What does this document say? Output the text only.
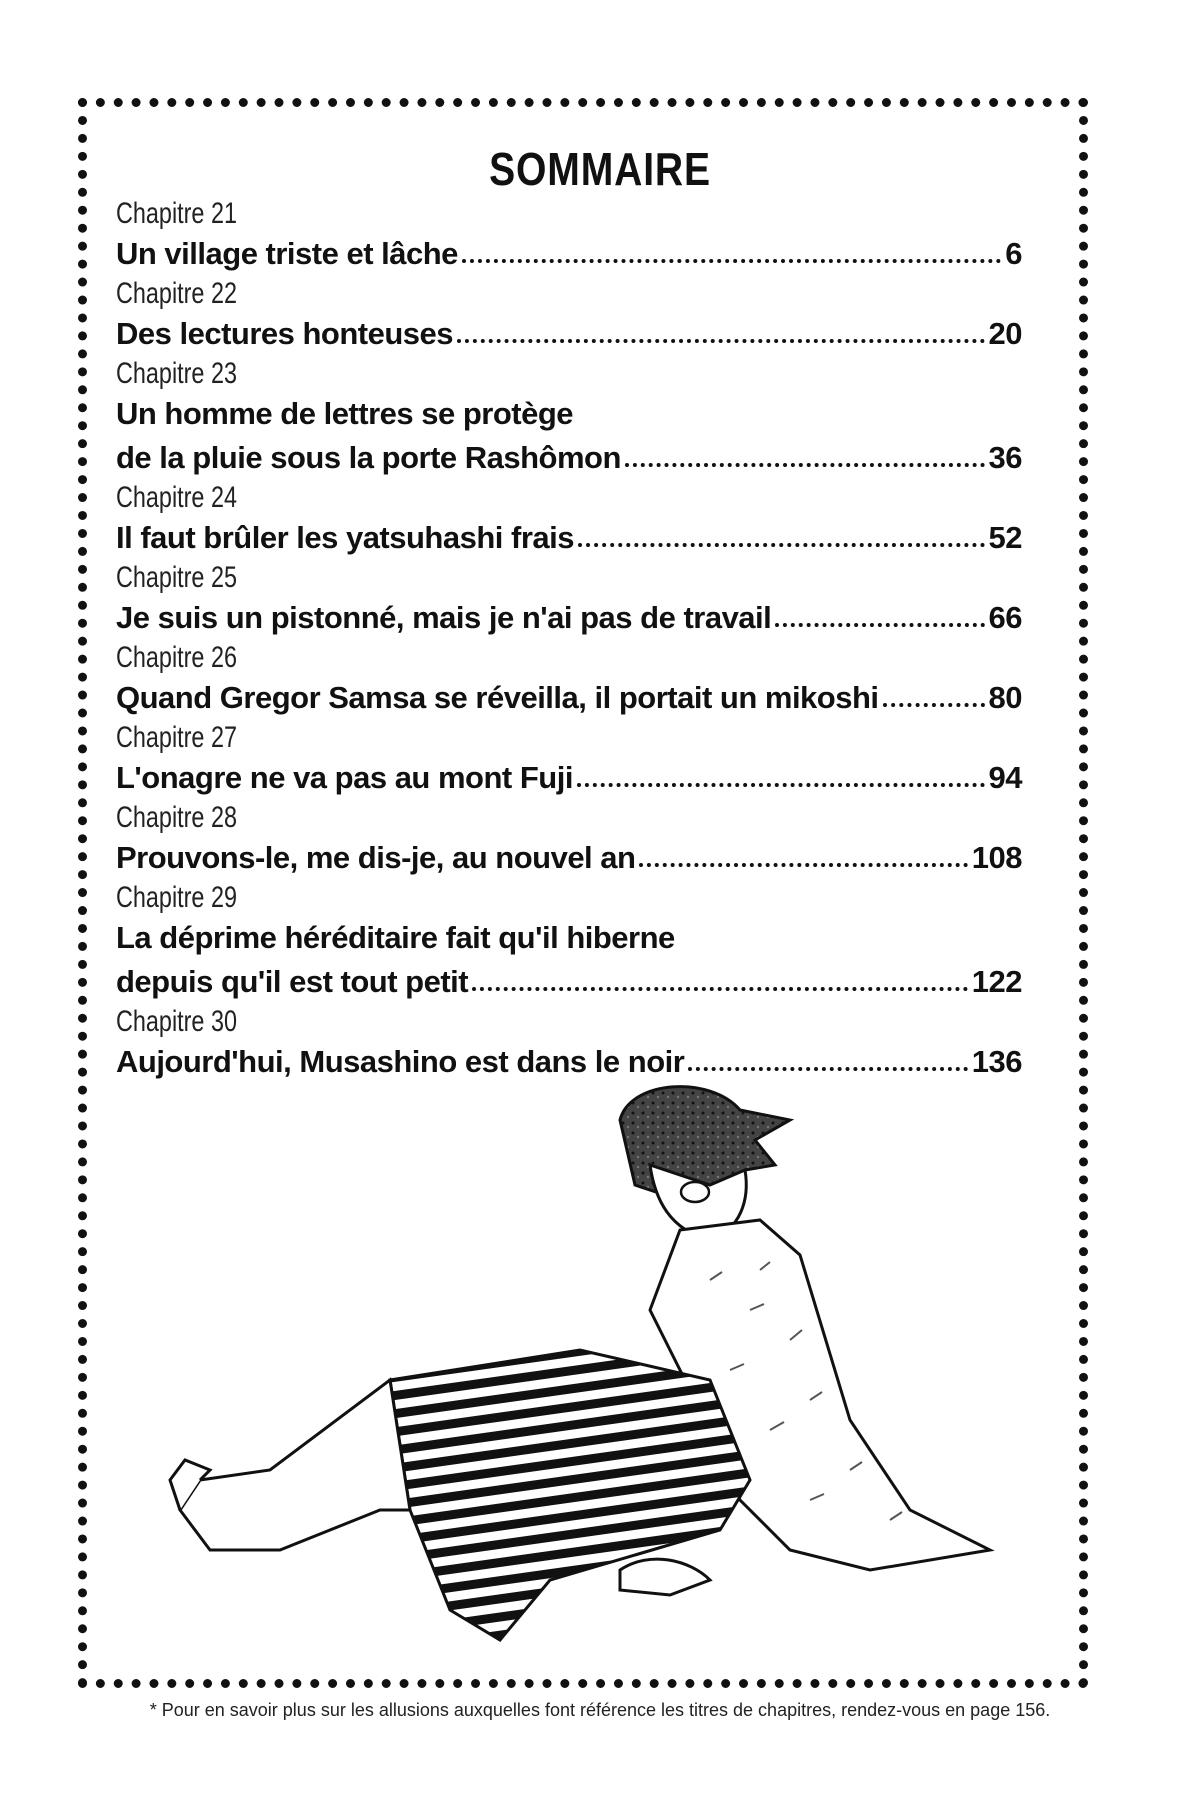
SOMMAIRE
Chapitre 21
Un village triste et lâche	6
Chapitre 22
Des lectures honteuses	20
Chapitre 23
Un homme de lettres se protège
de la pluie sous la porte Rashômon	36
Chapitre 24
Il faut brûler les yatsuhashi frais	52
Chapitre 25
Je suis un pistonné, mais je n'ai pas de travail	66
Chapitre 26
Quand Gregor Samsa se réveilla, il portait un mikoshi	80
Chapitre 27
L'onagre ne va pas au mont Fuji	94
Chapitre 28
Prouvons-le, me dis-je, au nouvel an	108
Chapitre 29
La déprime héréditaire fait qu'il hiberne
depuis qu'il est tout petit	122
Chapitre 30
Aujourd'hui, Musashino est dans le noir	136
* Pour en savoir plus sur les allusions auxquelles font référence les titres de chapitres, rendez-vous en page 156.
